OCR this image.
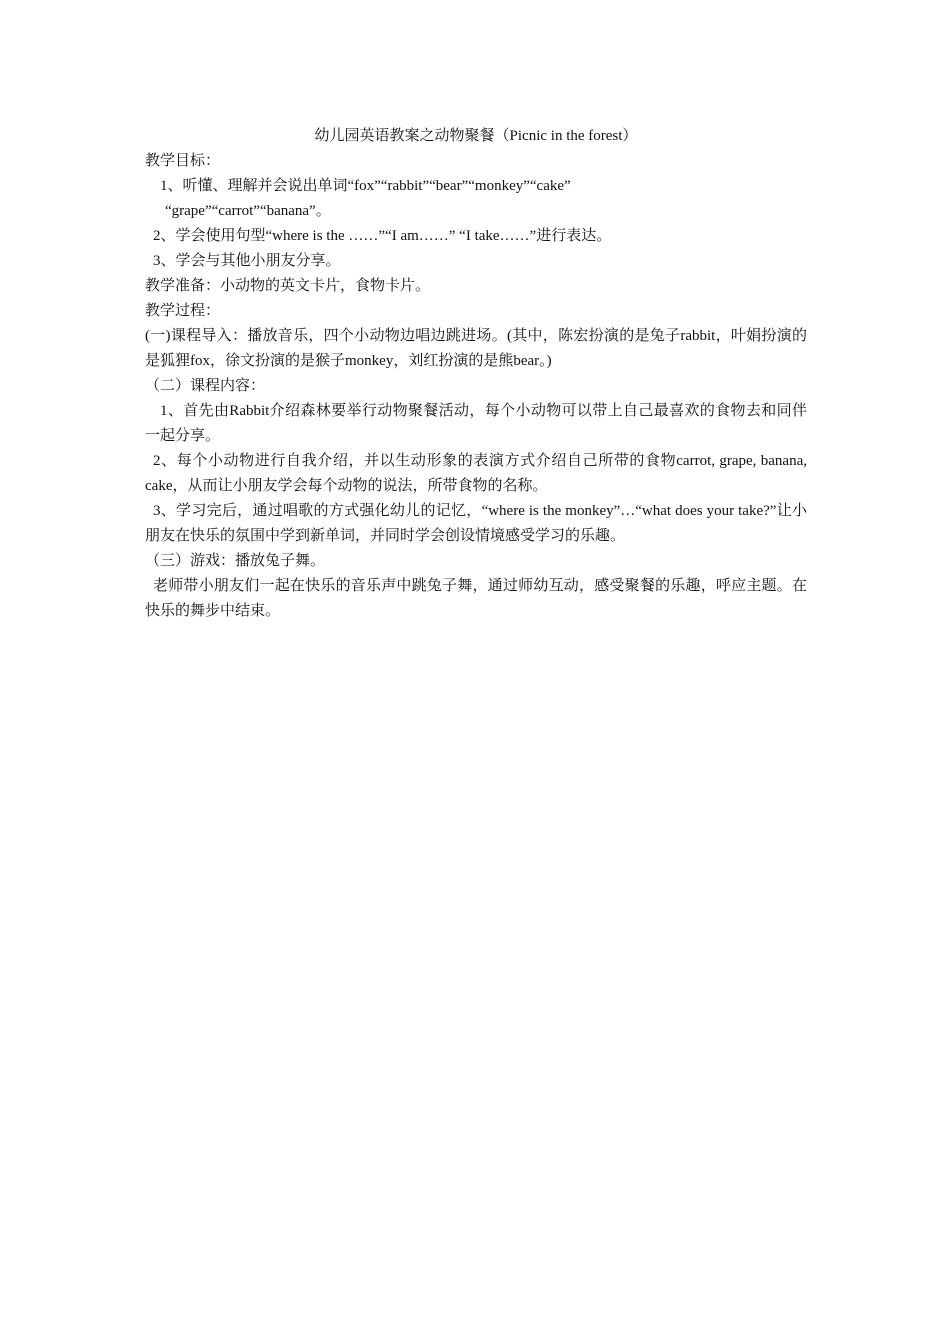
幼儿园英语教案之动物聚餐（Picnic in the forest）

教学目标：

1、听懂、理解并会说出单词“fox”“rabbit”“bear”“monkey”“cake”

“grape”“carrot”“banana”。

2、学会使用句型“where is the ……”“I am……” “I take……”进行表达。

3、学会与其他小朋友分享。

教学准备：小动物的英文卡片，食物卡片。

教学过程：

(一)课程导入：播放音乐，四个小动物边唱边跳进场。(其中，陈宏扮演的是兔子rabbit，叶娟扮演的是狐狸fox，徐文扮演的是猴子monkey，刘红扮演的是熊bear。)

（二）课程内容：

1、首先由Rabbit介绍森林要举行动物聚餐活动，每个小动物可以带上自己最喜欢的食物去和同伴一起分享。

2、每个小动物进行自我介绍，并以生动形象的表演方式介绍自己所带的食物carrot, grape, banana, cake，从而让小朋友学会每个动物的说法，所带食物的名称。

3、学习完后，通过唱歌的方式强化幼儿的记忆，“where is the monkey”…“what does your take?”让小朋友在快乐的氛围中学到新单词，并同时学会创设情境感受学习的乐趣。

（三）游戏：播放兔子舞。

老师带小朋友们一起在快乐的音乐声中跳兔子舞，通过师幼互动，感受聚餐的乐趣，呼应主题。在快乐的舞步中结束。
